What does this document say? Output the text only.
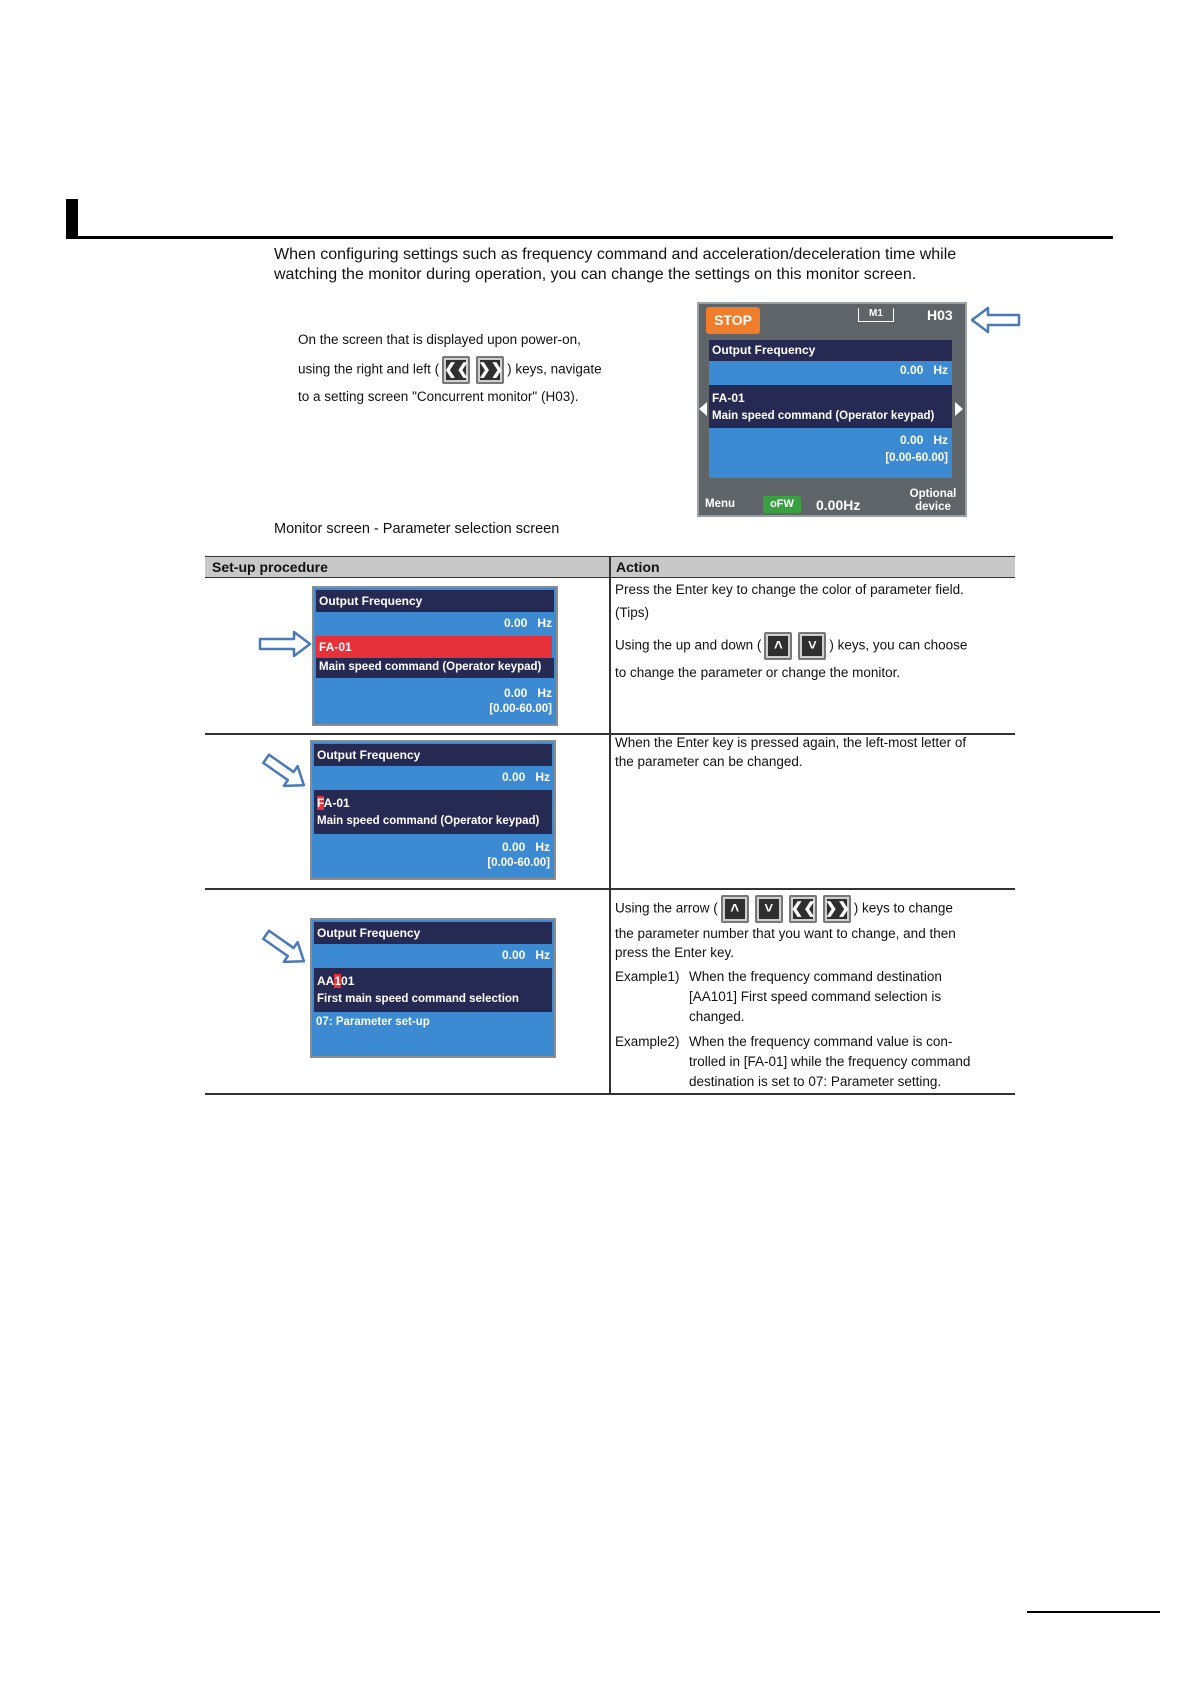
When configuring settings such as frequency command and acceleration/deceleration time while
watching the monitor during operation, you can change the settings on this monitor screen.
On the screen that is displayed upon power-on,
using the right and left ( ❮❮ ❯❯ ) keys, navigate
to a setting screen "Concurrent monitor" (H03).
STOP	M1	H03
Output Frequency
0.00 Hz
FA-01
Main speed command (Operator keypad)
0.00 Hz
[0.00-60.00]
Menu	oFW	0.00Hz
Optional
device
Monitor screen - Parameter selection screen
Set-up procedure	Action
Output Frequency
0.00 Hz
FA-01
Main speed command (Operator keypad)
0.00 Hz
[0.00-60.00]
Press the Enter key to change the color of parameter field.
(Tips)
Using the up and down ( ˄ ˅ ) keys, you can choose
to change the parameter or change the monitor.
Output Frequency
0.00 Hz
FA-01
Main speed command (Operator keypad)
0.00 Hz
[0.00-60.00]
When the Enter key is pressed again, the left-most letter of
the parameter can be changed.
Output Frequency
0.00 Hz
AA101
First main speed command selection
07: Parameter set-up
Using the arrow ( ˄ ˅ ❮❮ ❯❯ ) keys to change
the parameter number that you want to change, and then
press the Enter key.
Example1) When the frequency command destination
[AA101] First speed command selection is
changed.
Example2) When the frequency command value is con-
trolled in [FA-01] while the frequency command
destination is set to 07: Parameter setting.
